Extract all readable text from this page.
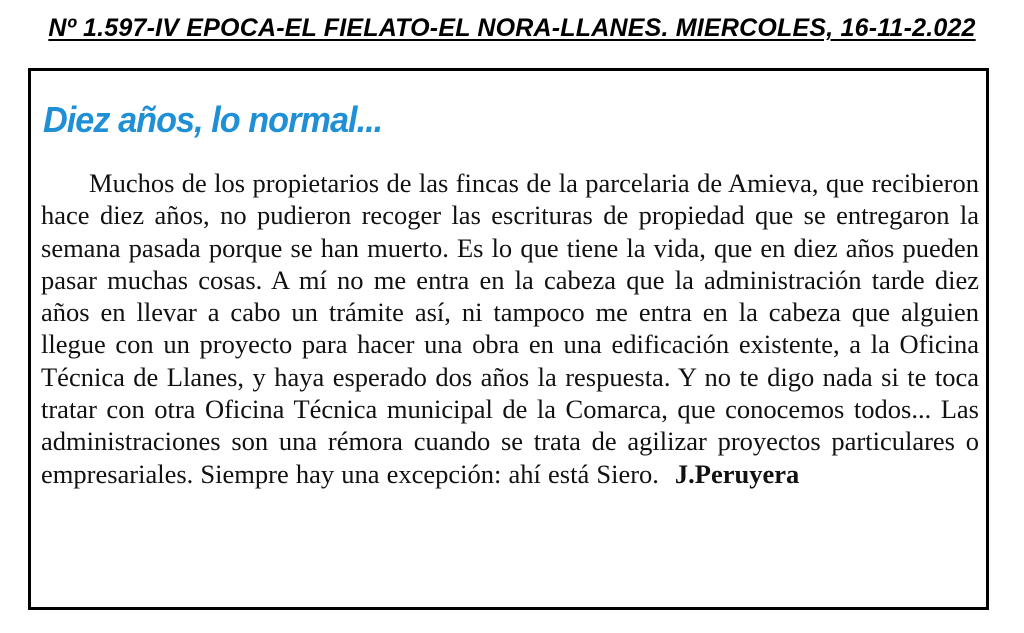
Nº 1.597-IV EPOCA-EL FIELATO-EL NORA-LLANES. MIERCOLES, 16-11-2.022
Diez años, lo normal...

Muchos de los propietarios de las fincas de la parcelaria de Amieva, que recibieron hace diez años, no pudieron recoger las escrituras de propiedad que se entregaron la semana pasada porque se han muerto. Es lo que tiene la vida, que en diez años pueden pasar muchas cosas. A mí no me entra en la cabeza que la administración tarde diez años en llevar a cabo un trámite así, ni tampoco me entra en la cabeza que alguien llegue con un proyecto para hacer una obra en una edificación existente, a la Oficina Técnica de Llanes, y haya esperado dos años la respuesta. Y no te digo nada si te toca tratar con otra Oficina Técnica municipal de la Comarca, que conocemos todos... Las administraciones son una rémora cuando se trata de agilizar proyectos particulares o empresariales. Siempre hay una excepción: ahí está Siero. J.Peruyera
